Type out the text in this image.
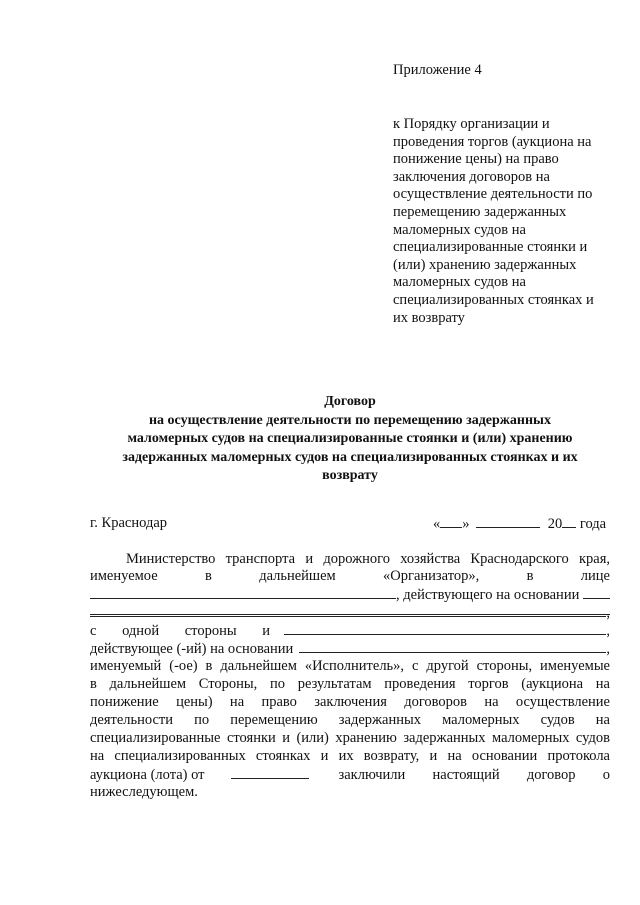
Приложение 4
к Порядку организации и
проведения торгов (аукциона на
понижение цены) на право
заключения договоров на
осуществление деятельности по
перемещению задержанных
маломерных судов на
специализированные стоянки и
(или) хранению задержанных
маломерных судов на
специализированных стоянках и
их возврату
Договор
на осуществление деятельности по перемещению задержанных
маломерных судов на специализированные стоянки и (или) хранению
задержанных маломерных судов на специализированных стоянках и их
возврату
г. Краснодар	« »	20 года
Министерство транспорта и дорожного хозяйства Краснодарского края,
именуемое	в	дальнейшем	«Организатор»,	в	лице
, действующего на основании
,
с одной стороны и	,
действующее (-ий) на основании	,
именуемый (-ое) в дальнейшем «Исполнитель», с другой стороны, именуемые
в дальнейшем Стороны, по результатам проведения торгов (аукциона на
понижение цены) на право заключения договоров на осуществление
деятельности по перемещению задержанных маломерных судов на
специализированные стоянки и (или) хранению задержанных маломерных судов
на специализированных стоянках и их возврату, и на основании протокола
аукциона (лота) от	заключили настоящий договор о
нижеследующем.
